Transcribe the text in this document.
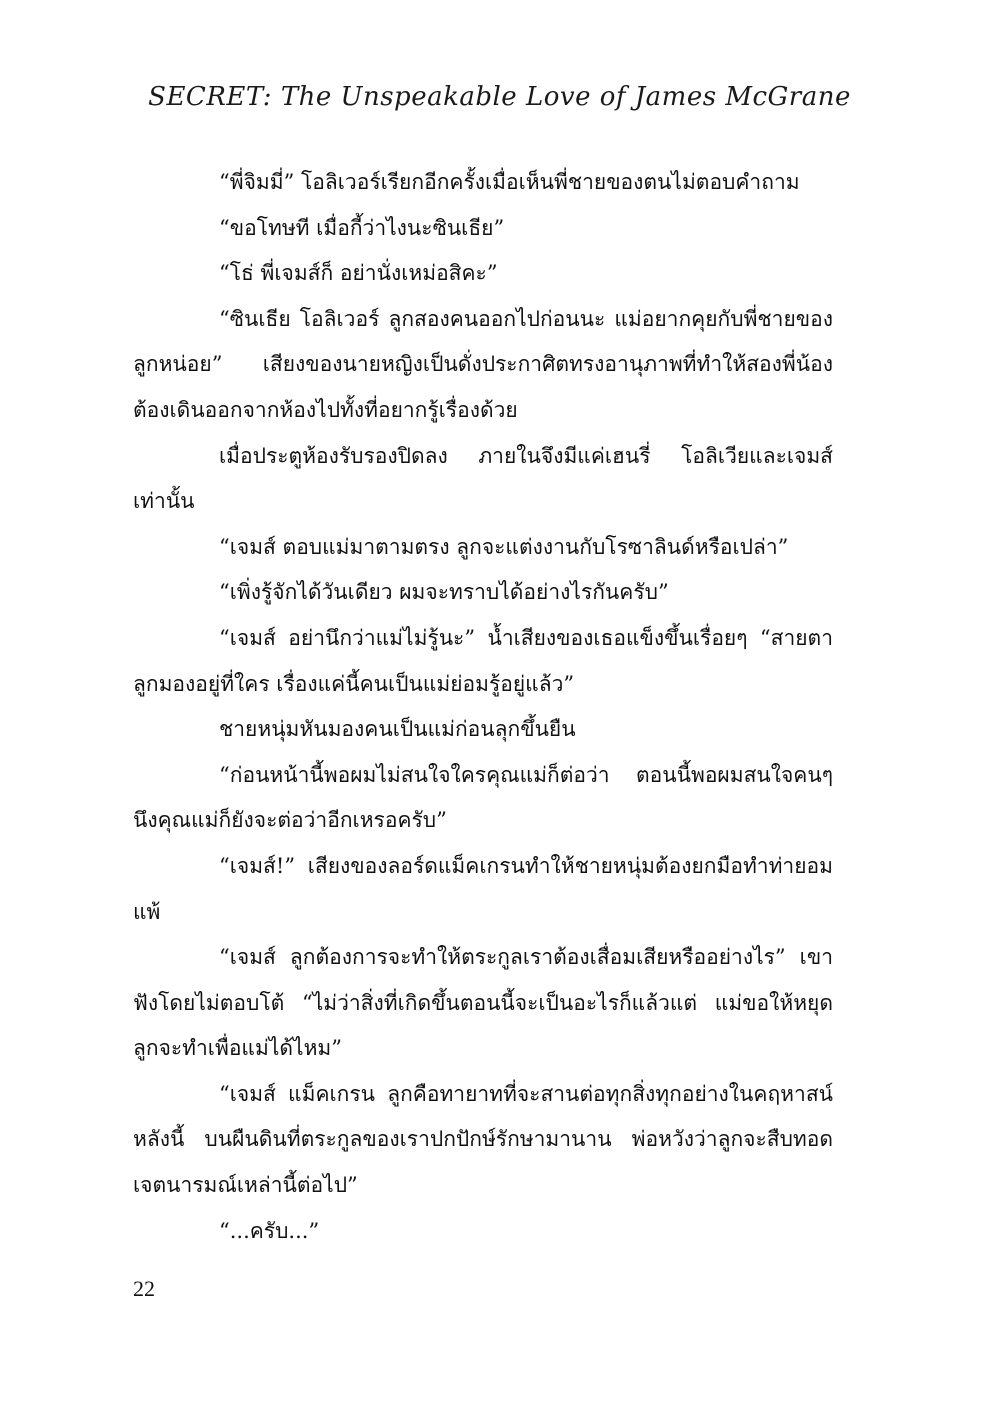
SECRET: The Unspeakable Love of James McGrane

“พี่จิมมี่” โอลิเวอร์เรียกอีกครั้งเมื่อเห็นพี่ชายของตนไม่ตอบคำถาม

“ขอโทษที เมื่อกี้ว่าไงนะซินเธีย”

“โธ่ พี่เจมส์ก็ อย่านั่งเหม่อสิคะ”

“ซินเธีย โอลิเวอร์ ลูกสองคนออกไปก่อนนะ แม่อยากคุยกับพี่ชายของลูกหน่อย” เสียงของนายหญิงเป็นดั่งประกาศิตทรงอานุภาพที่ทำให้สองพี่น้องต้องเดินออกจากห้องไปทั้งที่อยากรู้เรื่องด้วย

เมื่อประตูห้องรับรองปิดลง ภายในจึงมีแค่เฮนรี่ โอลิเวียและเจมส์เท่านั้น

“เจมส์ ตอบแม่มาตามตรง ลูกจะแต่งงานกับโรซาลินด์หรือเปล่า”

“เพิ่งรู้จักได้วันเดียว ผมจะทราบได้อย่างไรกันครับ”

“เจมส์ อย่านึกว่าแม่ไม่รู้นะ” น้ำเสียงของเธอแข็งขึ้นเรื่อยๆ “สายตาลูกมองอยู่ที่ใคร เรื่องแค่นี้คนเป็นแม่ย่อมรู้อยู่แล้ว”

ชายหนุ่มหันมองคนเป็นแม่ก่อนลุกขึ้นยืน

“ก่อนหน้านี้พอผมไม่สนใจใครคุณแม่ก็ต่อว่า ตอนนี้พอผมสนใจคนๆ นึงคุณแม่ก็ยังจะต่อว่าอีกเหรอครับ”

“เจมส์!” เสียงของลอร์ดแม็คเกรนทำให้ชายหนุ่มต้องยกมือทำท่ายอมแพ้

“เจมส์ ลูกต้องการจะทำให้ตระกูลเราต้องเสื่อมเสียหรืออย่างไร” เขาฟังโดยไม่ตอบโต้ “ไม่ว่าสิ่งที่เกิดขึ้นตอนนี้จะเป็นอะไรก็แล้วแต่ แม่ขอให้หยุดลูกจะทำเพื่อแม่ได้ไหม”

“เจมส์ แม็คเกรน ลูกคือทายาทที่จะสานต่อทุกสิ่งทุกอย่างในคฤหาสน์หลังนี้ บนผืนดินที่ตระกูลของเราปกปักษ์รักษามานาน พ่อหวังว่าลูกจะสืบทอดเจตนารมณ์เหล่านี้ต่อไป”

“...ครับ...”

22
